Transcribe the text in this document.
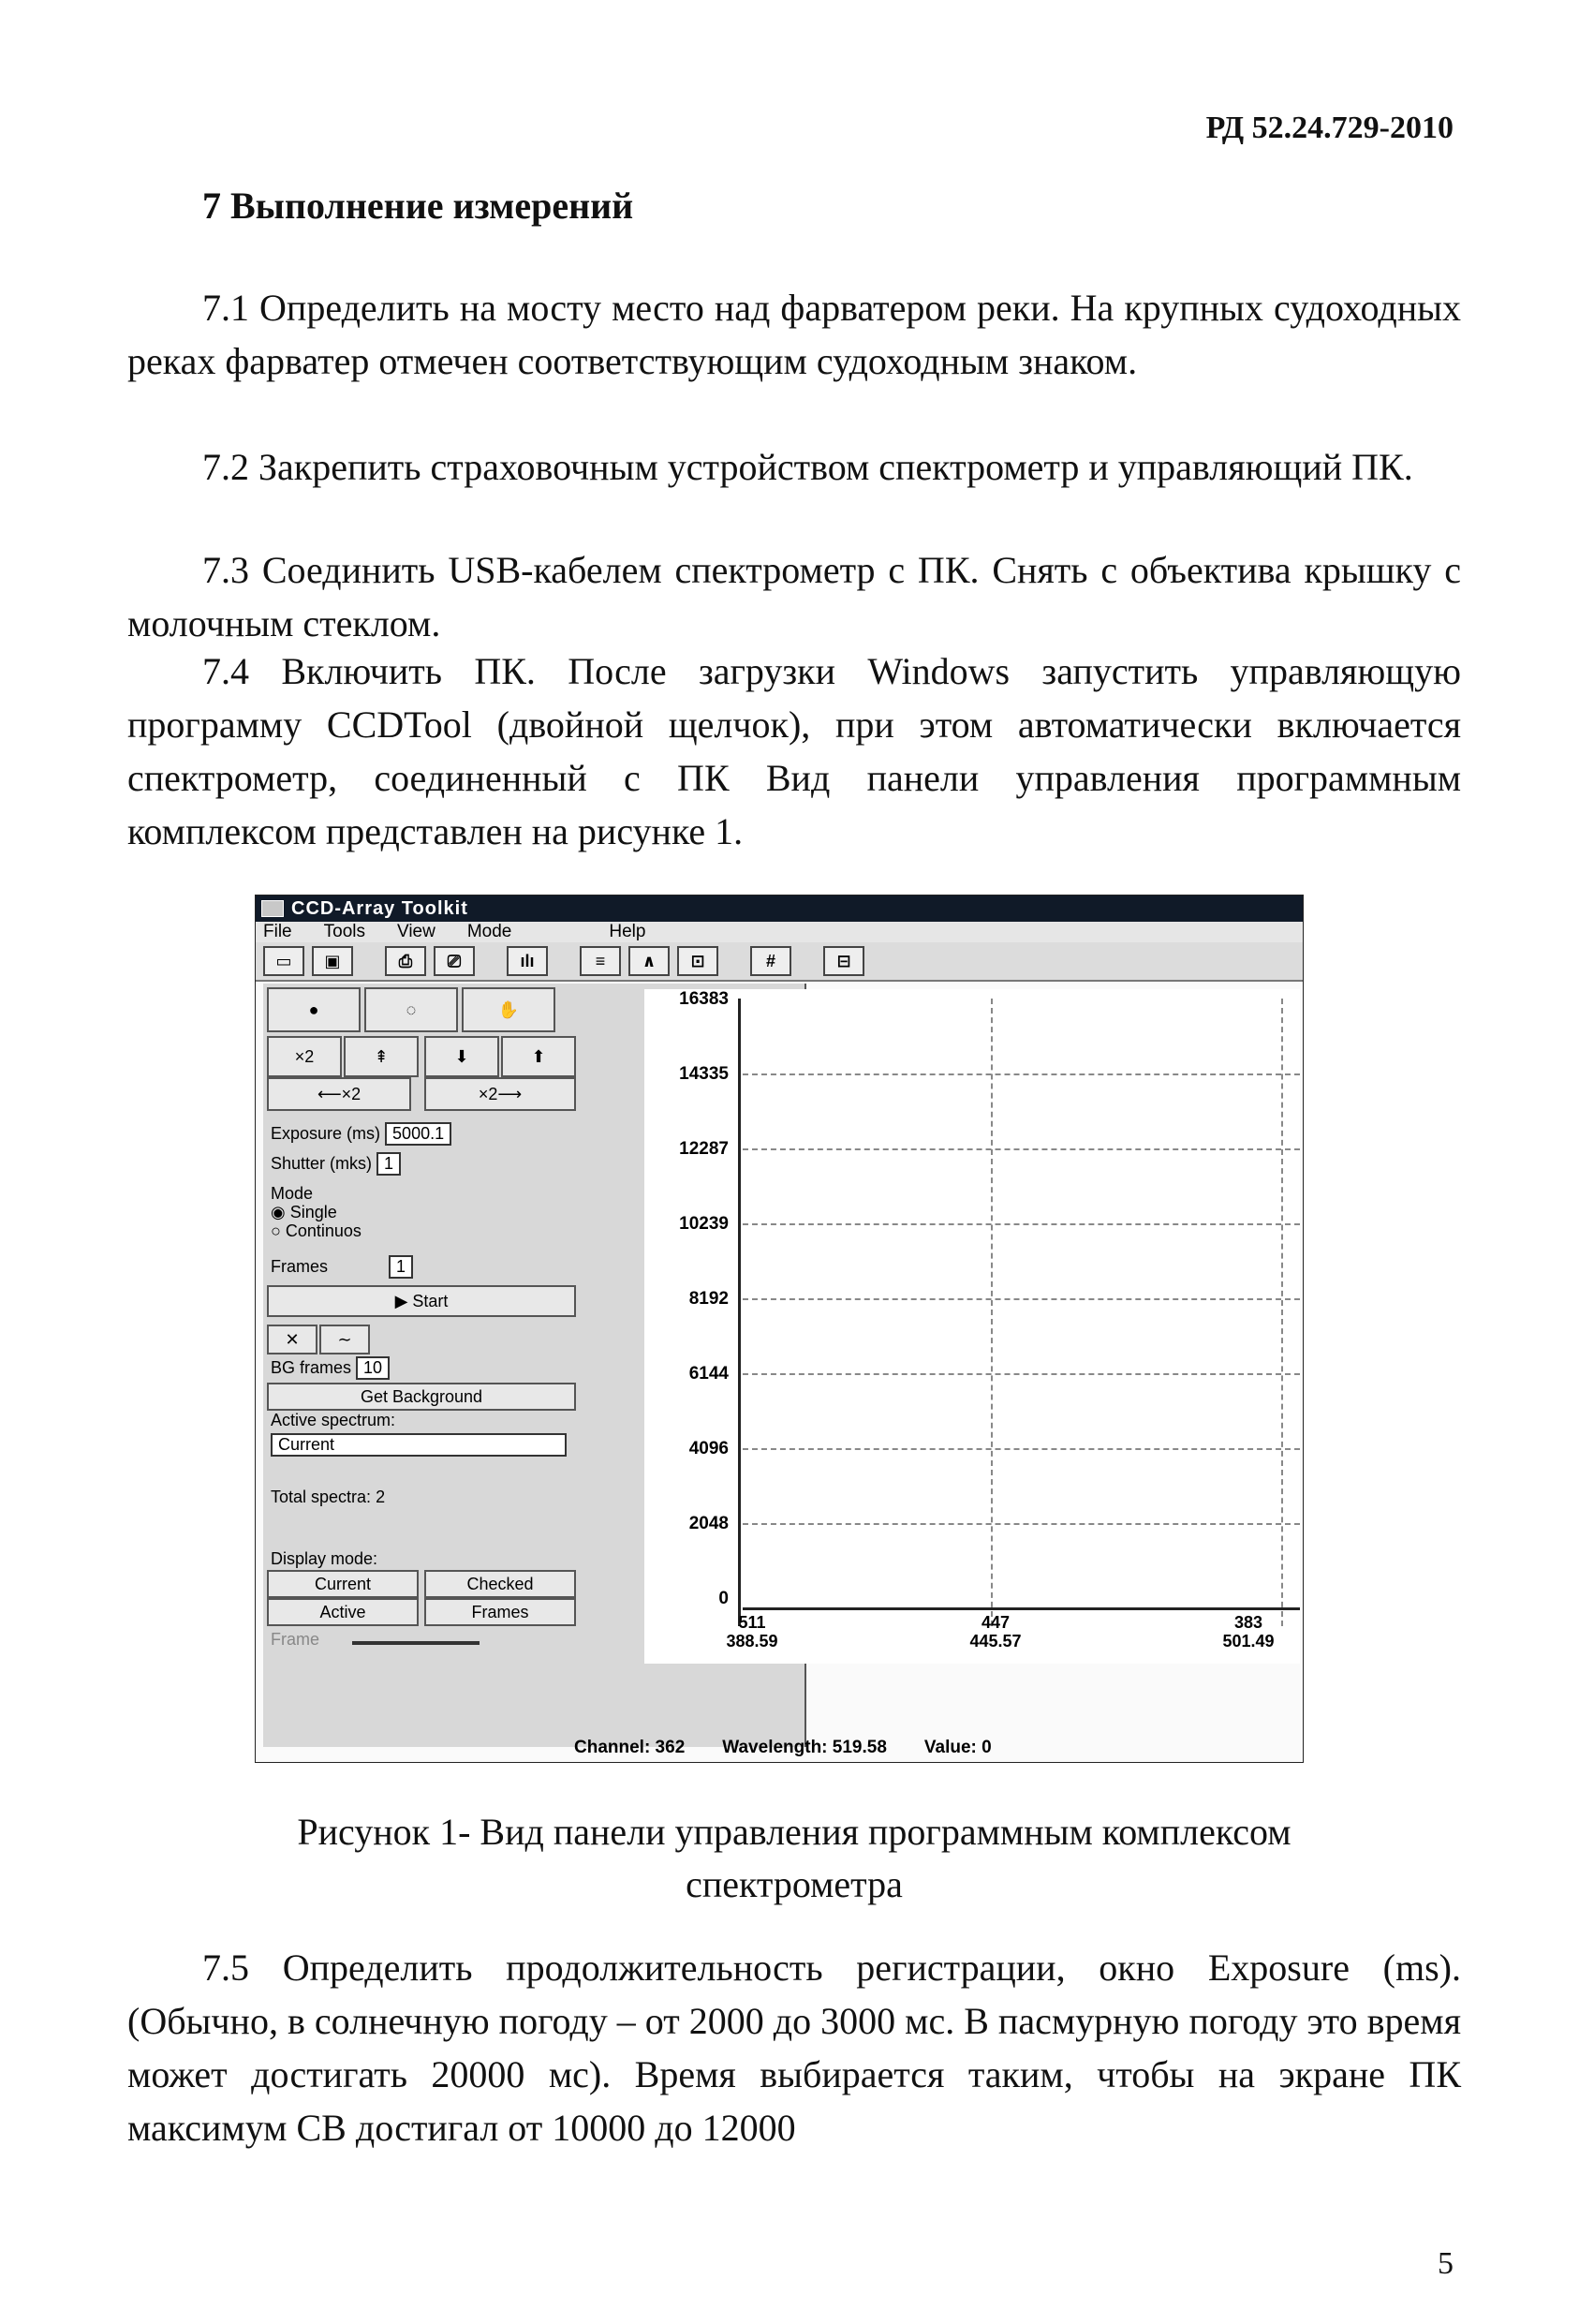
РД 52.24.729-2010
7 Выполнение измерений

7.1 Определить на мосту место над фарватером реки. На крупных судоходных реках фарватер отмечен соответствующим судоходным знаком.

7.2 Закрепить страховочным устройством спектрометр и управляющий ПК.

7.3 Соединить USB-кабелем спектрометр с ПК. Снять с объектива крышку с молочным стеклом.

7.4 Включить ПК. После загрузки Windows запустить управляющую программу CCDTool (двойной щелчок), при этом автоматически включается спектрометр, соединенный с ПК Вид панели управления программным комплексом представлен на рисунке 1.

CCD-Array Toolkit
File Tools View Mode	Help
▭	▣	⎙	⎚	ılı	≡	∧	⊡	#	⊟
●	◌	✋
×2	⇞	⬇	⬆
⟵×2	×2⟶
Exposure (ms) 5000.1
Shutter (mks) 1
Mode
◉ Single
○ Continuos
Frames	1
▶ Start
✕ ∼
BG frames 10
Get Background
Active spectrum:
Current
Total spectra: 2
Display mode:
Current	Checked
Active	Frames
Frame
16383
14335
12287
10239
8192
6144
4096
2048
0
511
388.59
447
445.57
383
501.49
Channel: 362 Wavelength: 519.58 Value: 0
Рисунок 1- Вид панели управления программным комплексом
спектрометра

7.5 Определить продолжительность регистрации, окно Exposure (ms). (Обычно, в солнечную погоду – от 2000 до 3000 мс. В пасмурную погоду это время может достигать 20000 мс). Время выбирается таким, чтобы на экране ПК максимум СВ достигал от 10000 до 12000

5
